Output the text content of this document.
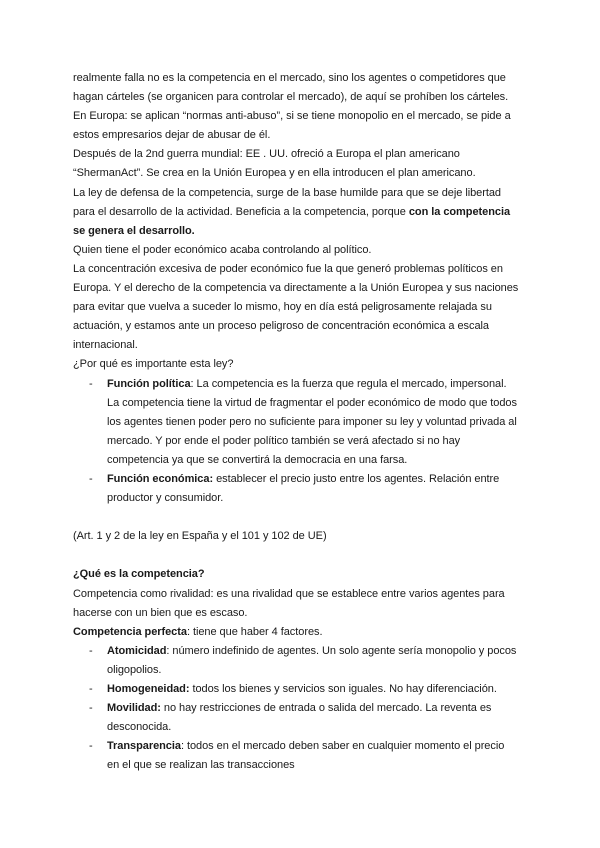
realmente falla no es la competencia en el mercado, sino los agentes o competidores que

hagan cárteles (se organicen para controlar el mercado), de aquí se prohíben los cárteles.

En Europa: se aplican “normas anti-abuso”, si se tiene monopolio en el mercado, se pide a

estos empresarios dejar de abusar de él.

Después de la 2nd guerra mundial: EE . UU. ofreció a Europa el plan americano

“ShermanAct”. Se crea en la Unión Europea y en ella introducen el plan americano.

La ley de defensa de la competencia, surge de la base humilde para que se deje libertad

para el desarrollo de la actividad. Beneficia a la competencia, porque con la competencia

se genera el desarrollo.

Quien tiene el poder económico acaba controlando al político.

La concentración excesiva de poder económico fue la que generó problemas políticos en

Europa. Y el derecho de la competencia va directamente a la Unión Europea y sus naciones

para evitar que vuelva a suceder lo mismo, hoy en día está peligrosamente relajada su

actuación, y estamos ante un proceso peligroso de concentración económica a escala

internacional.

¿Por qué es importante esta ley?

- Función política: La competencia es la fuerza que regula el mercado, impersonal.

La competencia tiene la virtud de fragmentar el poder económico de modo que todos

los agentes tienen poder pero no suficiente para imponer su ley y voluntad privada al

mercado. Y por ende el poder político también se verá afectado si no hay

competencia ya que se convertirá la democracia en una farsa.

- Función económica: establecer el precio justo entre los agentes. Relación entre

productor y consumidor.

(Art. 1 y 2 de la ley en España y el 101 y 102 de UE)

¿Qué es la competencia?

Competencia como rivalidad: es una rivalidad que se establece entre varios agentes para

hacerse con un bien que es escaso.

Competencia perfecta: tiene que haber 4 factores.

- Atomicidad: número indefinido de agentes. Un solo agente sería monopolio y pocos

oligopolios.

- Homogeneidad: todos los bienes y servicios son iguales. No hay diferenciación.

- Movilidad: no hay restricciones de entrada o salida del mercado. La reventa es

desconocida.

- Transparencia: todos en el mercado deben saber en cualquier momento el precio

en el que se realizan las transacciones
